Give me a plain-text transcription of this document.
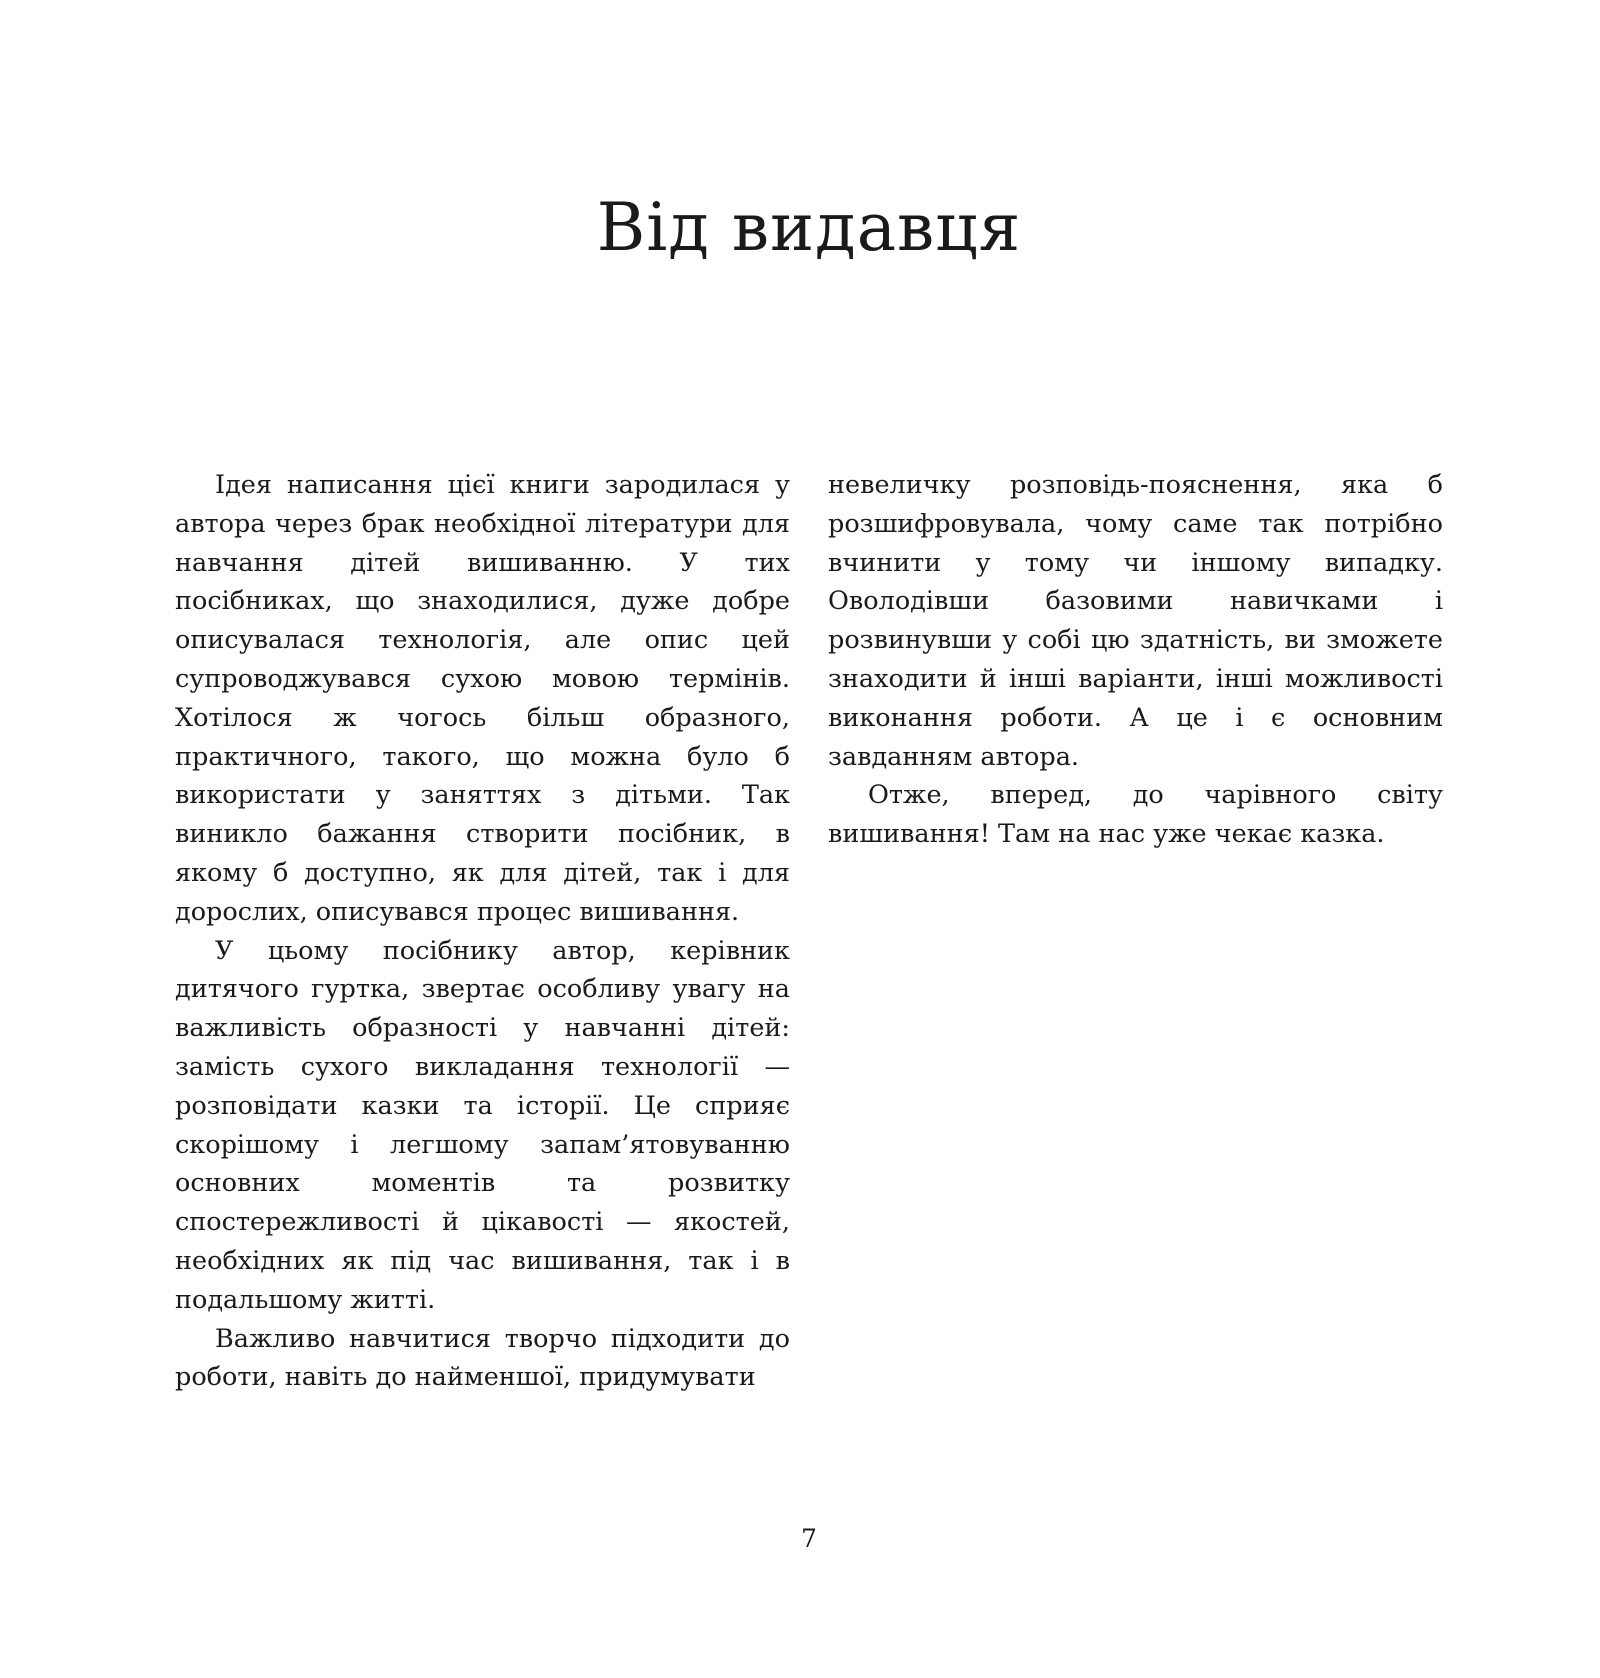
Від видавця

Ідея написання цієї книги зародилася у автора через брак необхідної літератури для навчання дітей вишиванню. У тих посібниках, що знаходилися, дуже добре описувалася технологія, але опис цей супроводжувався сухою мовою термінів. Хотілося ж чогось більш образного, практичного, такого, що можна було б використати у заняттях з дітьми. Так виникло бажання створити посібник, в якому б доступно, як для дітей, так і для дорослих, описувався процес вишивання.

У цьому посібнику автор, керівник дитячого гуртка, звертає особливу увагу на важливість образності у навчанні дітей: замість сухого викладання технології — розповідати казки та історії. Це сприяє скорішому і легшому запам’ятовуванню основних моментів та розвитку спостережливості й цікавості — якостей, необхідних як під час вишивання, так і в подальшому житті.

Важливо навчитися творчо підходити до роботи, навіть до найменшої, придумувати

невеличку розповідь-пояснення, яка б розшифровувала, чому саме так потрібно вчинити у тому чи іншому випадку. Оволодівши базовими навичками і розвинувши у собі цю здатність, ви зможете знаходити й інші варіанти, інші можливості виконання роботи. А це і є основним завданням автора.

Отже, вперед, до чарівного світу вишивання! Там на нас уже чекає казка.

7
